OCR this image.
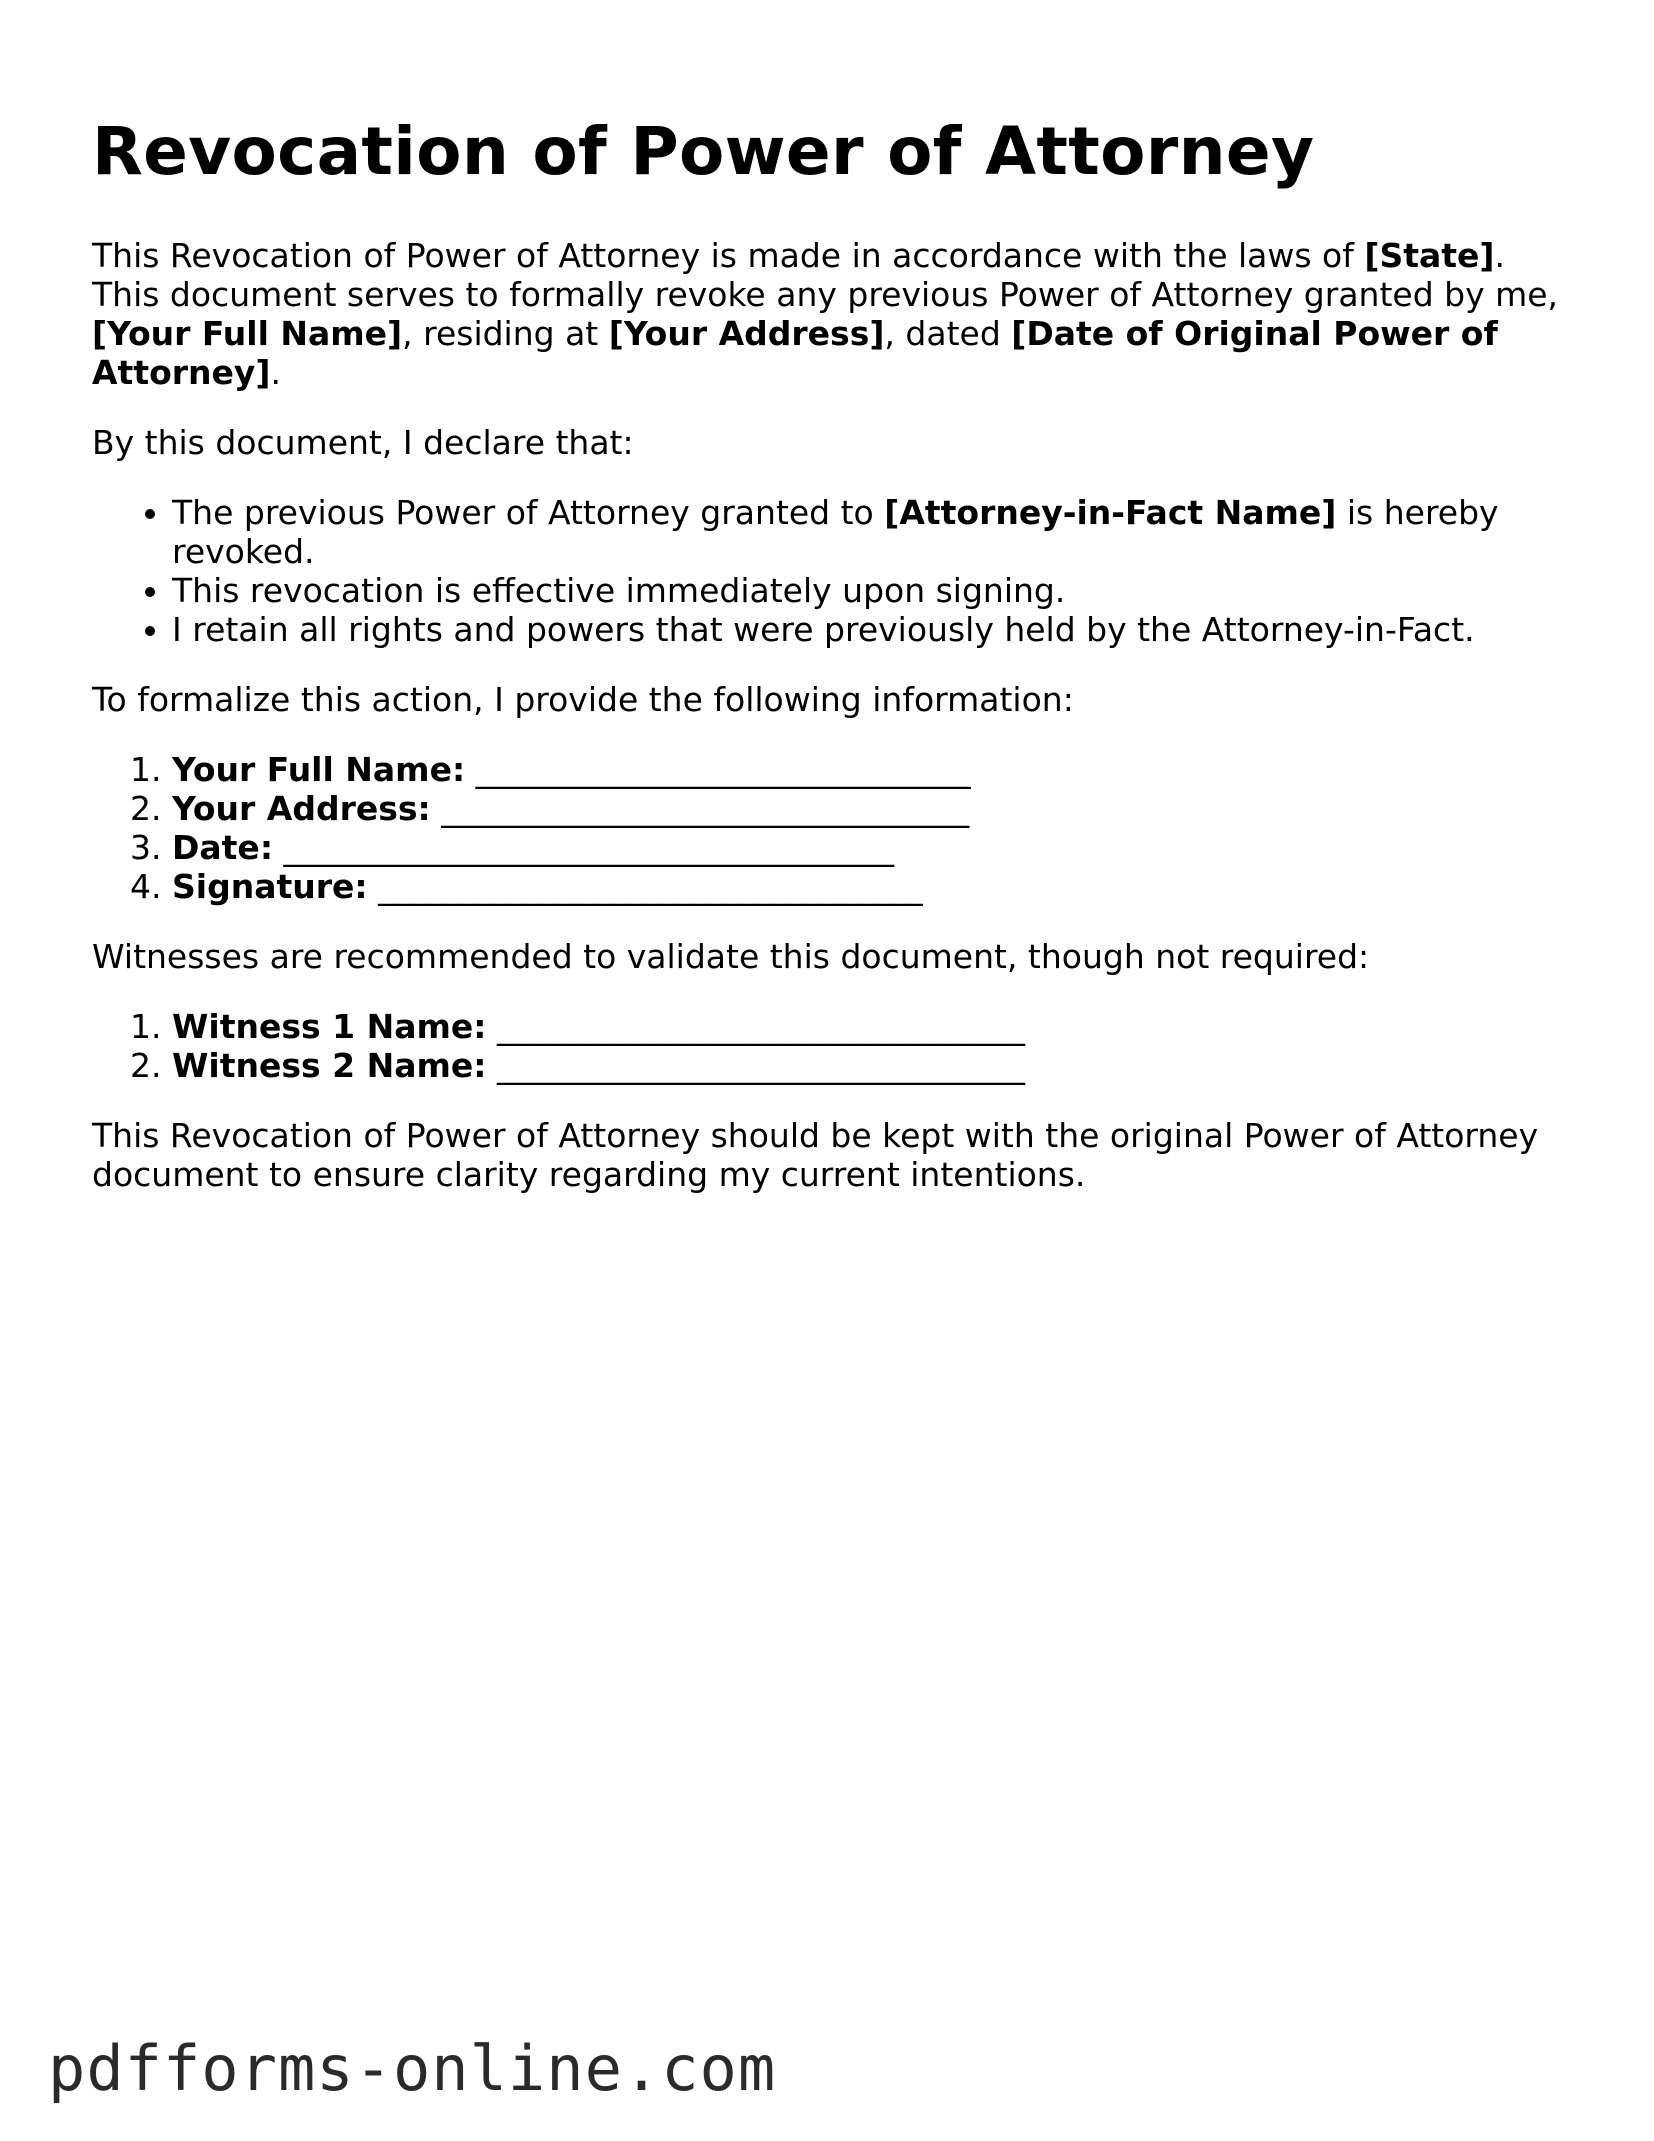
Revocation of Power of Attorney

This Revocation of Power of Attorney is made in accordance with the laws of [State]. This document serves to formally revoke any previous Power of Attorney granted by me, [Your Full Name], residing at [Your Address], dated [Date of Original Power of Attorney].

By this document, I declare that:

• The previous Power of Attorney granted to [Attorney-in-Fact Name] is hereby revoked.
• This revocation is effective immediately upon signing.
• I retain all rights and powers that were previously held by the Attorney-in-Fact.

To formalize this action, I provide the following information:

1. Your Full Name: ______________________________
2. Your Address: ________________________________
3. Date: _____________________________________
4. Signature: _________________________________

Witnesses are recommended to validate this document, though not required:

1. Witness 1 Name: ________________________________
2. Witness 2 Name: ________________________________

This Revocation of Power of Attorney should be kept with the original Power of Attorney document to ensure clarity regarding my current intentions.

pdfforms-online.com
